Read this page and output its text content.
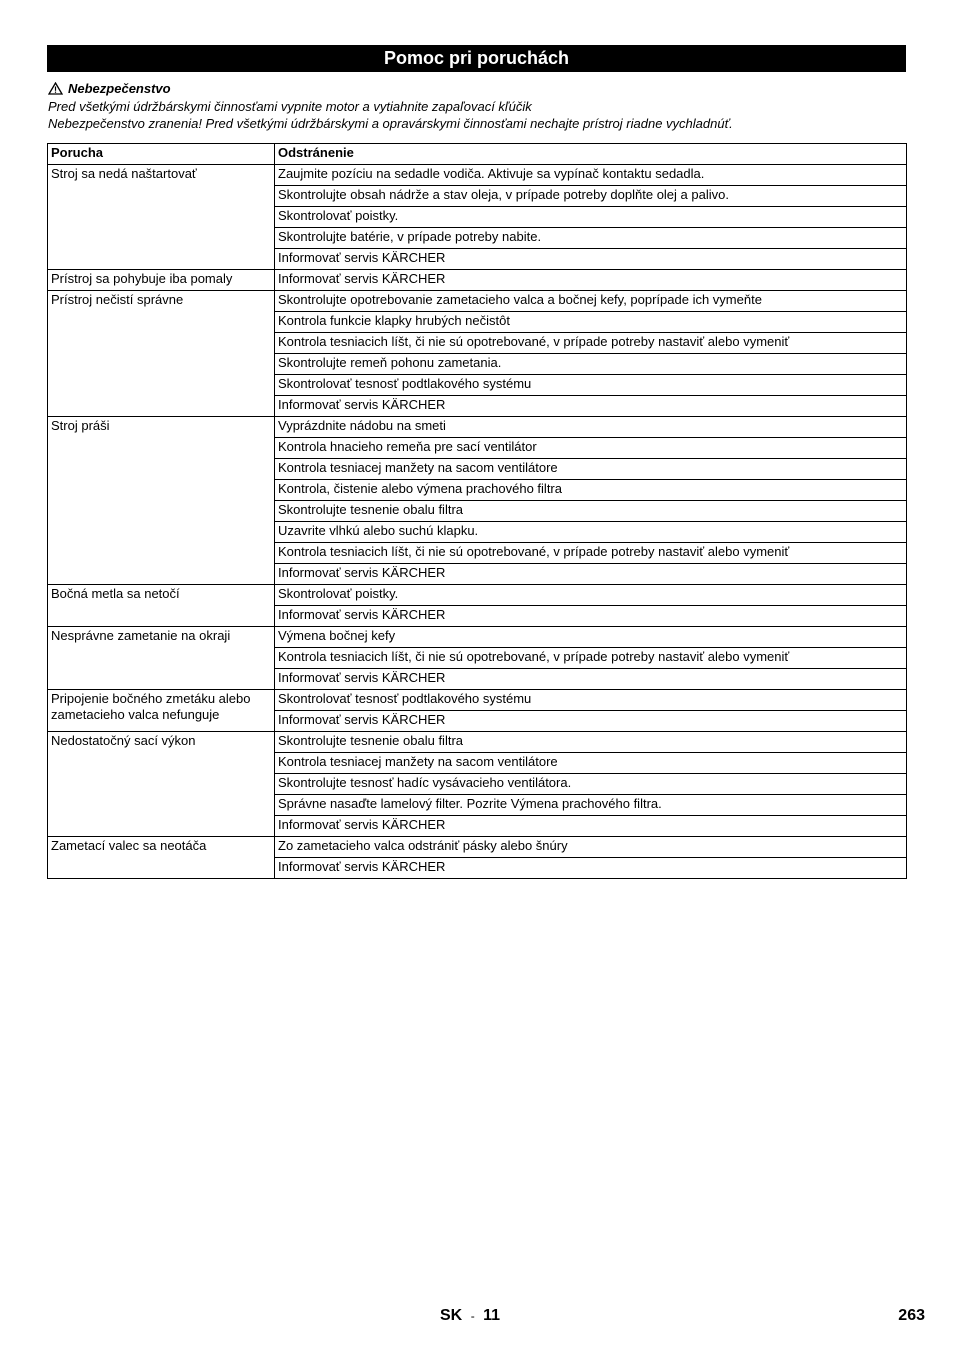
Pomoc pri poruchách
Nebezpečenstvo
Pred všetkými údržbárskymi činnosťami vypnite motor a vytiahnite zapaľovací kľúčik
Nebezpečenstvo zranenia! Pred všetkými údržbárskymi a opravárskymi činnosťami nechajte prístroj riadne vychladnúť.
Porucha	Odstránenie
Stroj sa nedá naštartovať	Zaujmite pozíciu na sedadle vodiča. Aktivuje sa vypínač kontaktu sedadla.
	Skontrolujte obsah nádrže a stav oleja, v prípade potreby doplňte olej a palivo.
	Skontrolovať poistky.
	Skontrolujte batérie, v prípade potreby nabite.
	Informovať servis KÄRCHER
Prístroj sa pohybuje iba pomaly	Informovať servis KÄRCHER
Prístroj nečistí správne	Skontrolujte opotrebovanie zametacieho valca a bočnej kefy, poprípade ich vymeňte
	Kontrola funkcie klapky hrubých nečistôt
	Kontrola tesniacich líšt, či nie sú opotrebované, v prípade potreby nastaviť alebo vymeniť
	Skontrolujte remeň pohonu zametania.
	Skontrolovať tesnosť podtlakového systému
	Informovať servis KÄRCHER
Stroj práši	Vyprázdnite nádobu na smeti
	Kontrola hnacieho remeňa pre sací ventilátor
	Kontrola tesniacej manžety na sacom ventilátore
	Kontrola, čistenie alebo výmena prachového filtra
	Skontrolujte tesnenie obalu filtra
	Uzavrite vlhkú alebo suchú klapku.
	Kontrola tesniacich líšt, či nie sú opotrebované, v prípade potreby nastaviť alebo vymeniť
	Informovať servis KÄRCHER
Bočná metla sa netočí	Skontrolovať poistky.
	Informovať servis KÄRCHER
Nesprávne zametanie na okraji	Výmena bočnej kefy
	Kontrola tesniacich líšt, či nie sú opotrebované, v prípade potreby nastaviť alebo vymeniť
	Informovať servis KÄRCHER
Pripojenie bočného zmetáku alebo zametacieho valca nefunguje	Skontrolovať tesnosť podtlakového systému
	Informovať servis KÄRCHER
Nedostatočný sací výkon	Skontrolujte tesnenie obalu filtra
	Kontrola tesniacej manžety na sacom ventilátore
	Skontrolujte tesnosť hadíc vysávacieho ventilátora.
	Správne nasaďte lamelový filter. Pozrite Výmena prachového filtra.
	Informovať servis KÄRCHER
Zametací valec sa neotáča	Zo zametacieho valca odstrániť pásky alebo šnúry
	Informovať servis KÄRCHER
SK - 11	263
